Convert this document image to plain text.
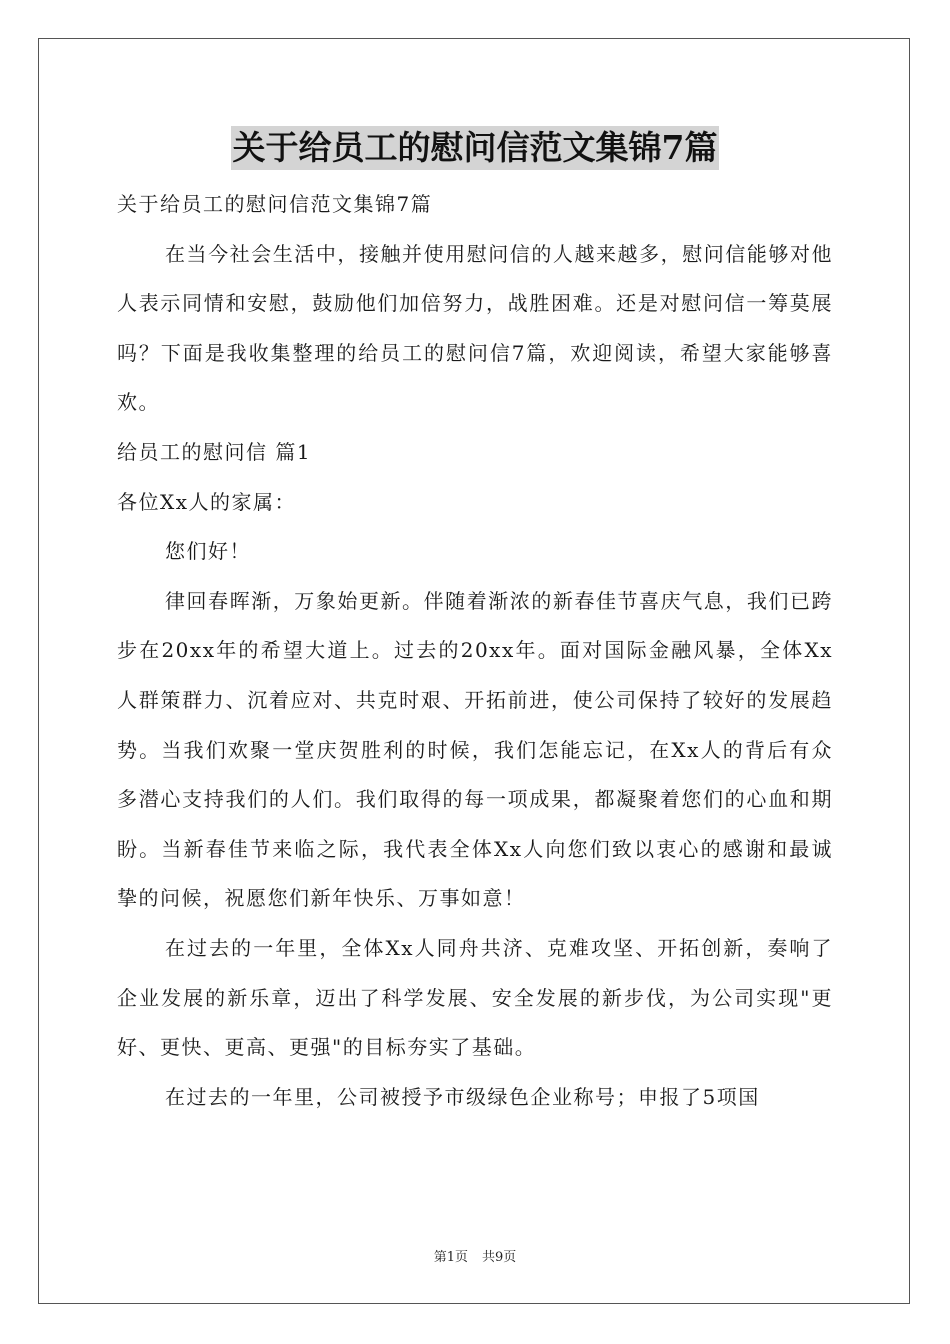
关于给员工的慰问信范文集锦7篇

关于给员工的慰问信范文集锦7篇

在当今社会生活中，接触并使用慰问信的人越来越多，慰问信能够对他人表示同情和安慰，鼓励他们加倍努力，战胜困难。还是对慰问信一筹莫展吗？下面是我收集整理的给员工的慰问信7篇，欢迎阅读，希望大家能够喜欢。

给员工的慰问信 篇1

各位Xx人的家属：

您们好！

律回春晖渐，万象始更新。伴随着渐浓的新春佳节喜庆气息，我们已跨步在20xx年的希望大道上。过去的20xx年。面对国际金融风暴，全体Xx人群策群力、沉着应对、共克时艰、开拓前进，使公司保持了较好的发展趋势。当我们欢聚一堂庆贺胜利的时候，我们怎能忘记，在Xx人的背后有众多潜心支持我们的人们。我们取得的每一项成果，都凝聚着您们的心血和期盼。当新春佳节来临之际，我代表全体Xx人向您们致以衷心的感谢和最诚挚的问候，祝愿您们新年快乐、万事如意！

在过去的一年里，全体Xx人同舟共济、克难攻坚、开拓创新，奏响了企业发展的新乐章，迈出了科学发展、安全发展的新步伐，为公司实现"更好、更快、更高、更强"的目标夯实了基础。

在过去的一年里，公司被授予市级绿色企业称号；申报了5项国

第1页 共9页
